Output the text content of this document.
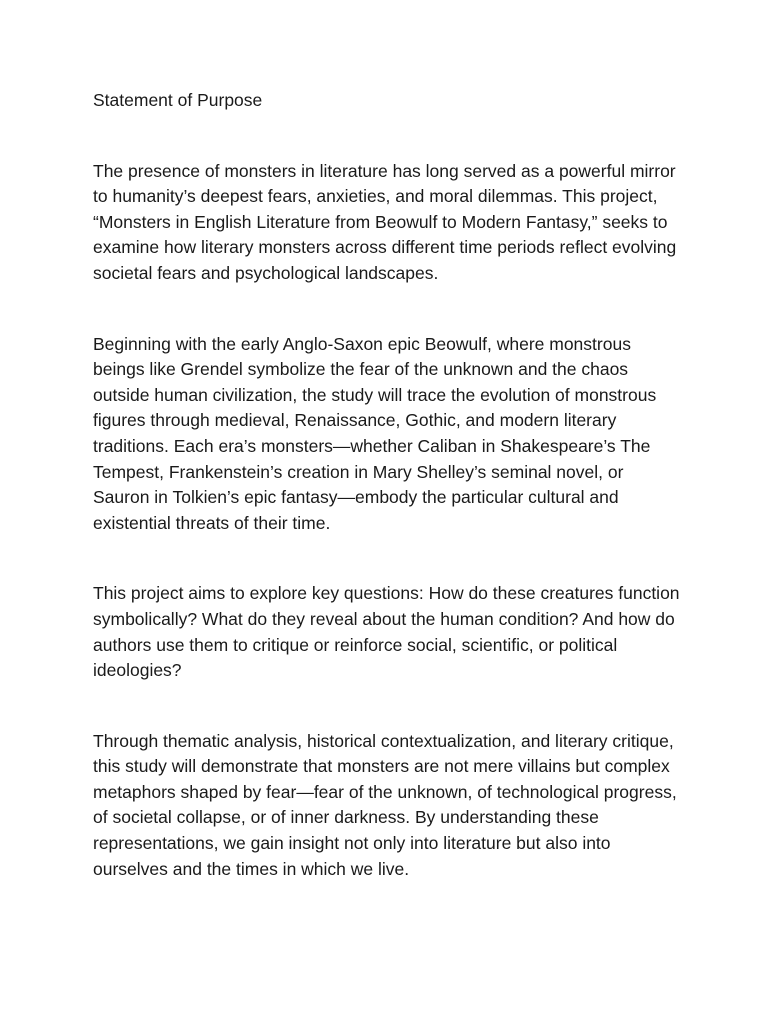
Statement of Purpose

The presence of monsters in literature has long served as a powerful mirror to humanity’s deepest fears, anxieties, and moral dilemmas. This project, “Monsters in English Literature from Beowulf to Modern Fantasy,” seeks to examine how literary monsters across different time periods reflect evolving societal fears and psychological landscapes.

Beginning with the early Anglo-Saxon epic Beowulf, where monstrous beings like Grendel symbolize the fear of the unknown and the chaos outside human civilization, the study will trace the evolution of monstrous figures through medieval, Renaissance, Gothic, and modern literary traditions. Each era’s monsters—whether Caliban in Shakespeare’s The Tempest, Frankenstein’s creation in Mary Shelley’s seminal novel, or Sauron in Tolkien’s epic fantasy—embody the particular cultural and existential threats of their time.

This project aims to explore key questions: How do these creatures function symbolically? What do they reveal about the human condition? And how do authors use them to critique or reinforce social, scientific, or political ideologies?

Through thematic analysis, historical contextualization, and literary critique, this study will demonstrate that monsters are not mere villains but complex metaphors shaped by fear—fear of the unknown, of technological progress, of societal collapse, or of inner darkness. By understanding these representations, we gain insight not only into literature but also into ourselves and the times in which we live.
